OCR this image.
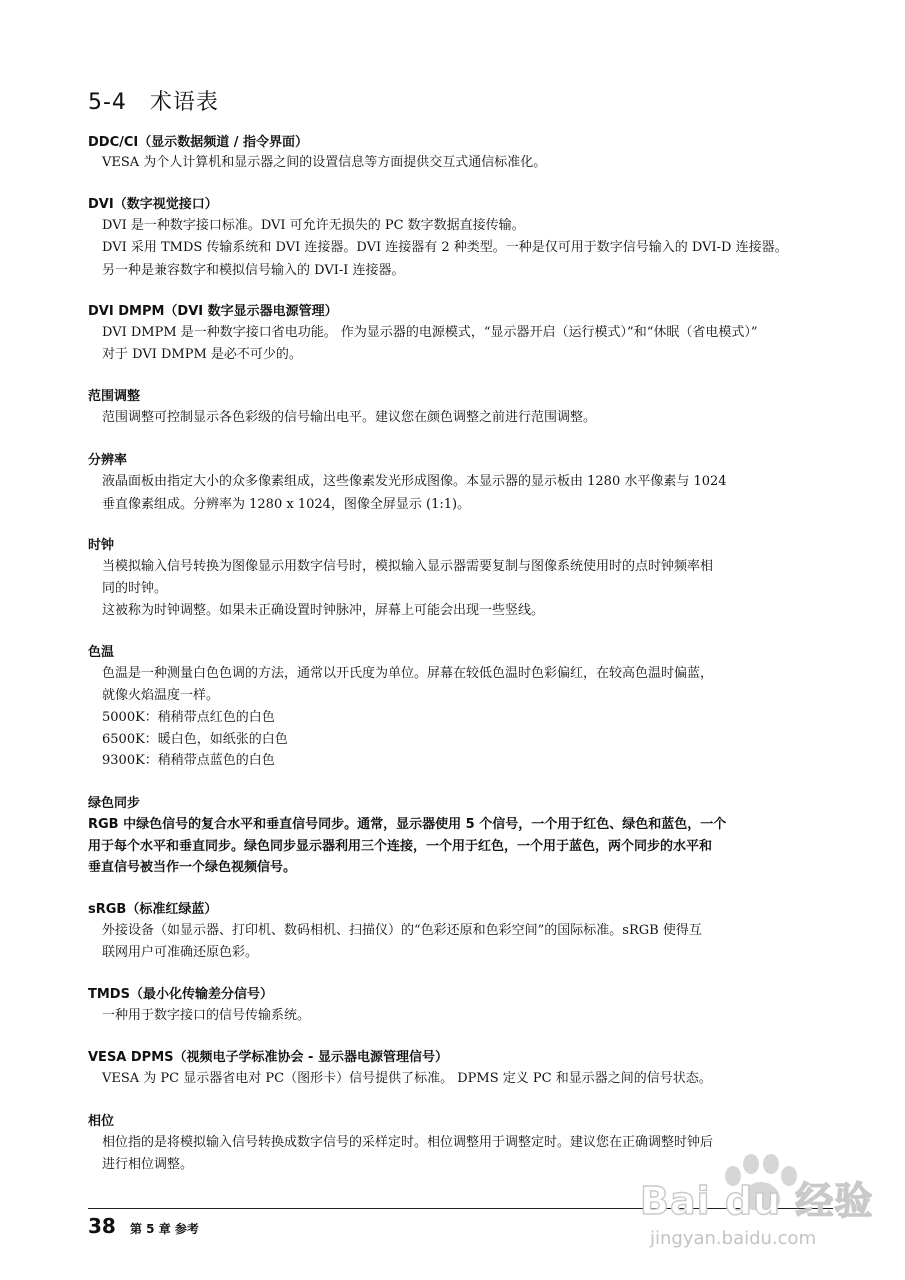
5-4　术语表
DDC/CI（显示数据频道 / 指令界面）
VESA 为个人计算机和显示器之间的设置信息等方面提供交互式通信标准化。
DVI（数字视觉接口）
DVI 是一种数字接口标准。DVI 可允许无损失的 PC 数字数据直接传输。
DVI 采用 TMDS 传输系统和 DVI 连接器。DVI 连接器有 2 种类型。一种是仅可用于数字信号输入的 DVI-D 连接器。
另一种是兼容数字和模拟信号输入的 DVI-I 连接器。
DVI DMPM（DVI 数字显示器电源管理）
DVI DMPM 是一种数字接口省电功能。 作为显示器的电源模式，“显示器开启（运行模式）”和“休眠（省电模式）”
对于 DVI DMPM 是必不可少的。
范围调整
范围调整可控制显示各色彩级的信号输出电平。建议您在颜色调整之前进行范围调整。
分辨率
液晶面板由指定大小的众多像素组成，这些像素发光形成图像。本显示器的显示板由 1280 水平像素与 1024
垂直像素组成。分辨率为 1280 x 1024，图像全屏显示 (1:1)。
时钟
当模拟输入信号转换为图像显示用数字信号时，模拟输入显示器需要复制与图像系统使用时的点时钟频率相
同的时钟。
这被称为时钟调整。如果未正确设置时钟脉冲，屏幕上可能会出现一些竖线。
色温
色温是一种测量白色色调的方法，通常以开氏度为单位。屏幕在较低色温时色彩偏红，在较高色温时偏蓝，
就像火焰温度一样。
5000K：稍稍带点红色的白色
6500K：暖白色，如纸张的白色
9300K：稍稍带点蓝色的白色
绿色同步
RGB 中绿色信号的复合水平和垂直信号同步。通常，显示器使用 5 个信号，一个用于红色、绿色和蓝色，一个
用于每个水平和垂直同步。绿色同步显示器利用三个连接，一个用于红色，一个用于蓝色，两个同步的水平和
垂直信号被当作一个绿色视频信号。
sRGB（标准红绿蓝）
外接设备（如显示器、打印机、数码相机、扫描仪）的“色彩还原和色彩空间”的国际标准。sRGB 使得互
联网用户可准确还原色彩。
TMDS（最小化传输差分信号）
一种用于数字接口的信号传输系统。
VESA DPMS（视频电子学标准协会 - 显示器电源管理信号）
VESA 为 PC 显示器省电对 PC（图形卡）信号提供了标准。 DPMS 定义 PC 和显示器之间的信号状态。
相位
相位指的是将模拟输入信号转换成数字信号的采样定时。相位调整用于调整定时。建议您在正确调整时钟后
进行相位调整。
38 第 5 章 参考
Bai du 经验
jingyan.baidu.com
